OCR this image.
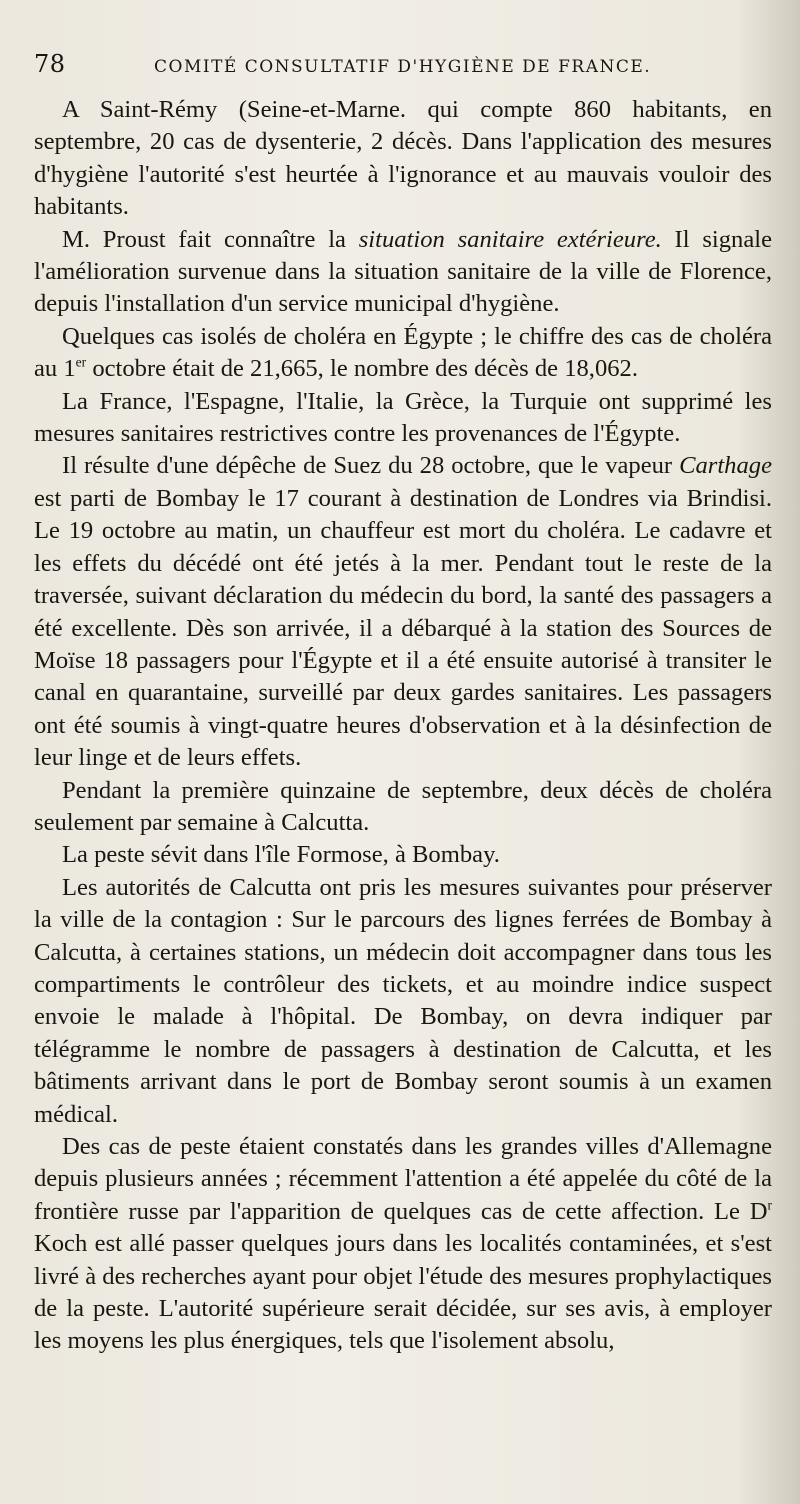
78	COMITÉ CONSULTATIF D'HYGIÈNE DE FRANCE.

A Saint-Rémy (Seine-et-Marne. qui compte 860 habitants, en septembre, 20 cas de dysenterie, 2 décès. Dans l'application des mesures d'hygiène l'autorité s'est heurtée à l'ignorance et au mauvais vouloir des habitants.

M. Proust fait connaître la situation sanitaire extérieure. Il signale l'amélioration survenue dans la situation sanitaire de la ville de Florence, depuis l'installation d'un service municipal d'hygiène.

Quelques cas isolés de choléra en Égypte ; le chiffre des cas de choléra au 1er octobre était de 21,665, le nombre des décès de 18,062.

La France, l'Espagne, l'Italie, la Grèce, la Turquie ont supprimé les mesures sanitaires restrictives contre les provenances de l'Égypte.

Il résulte d'une dépêche de Suez du 28 octobre, que le vapeur Carthage est parti de Bombay le 17 courant à destination de Londres via Brindisi. Le 19 octobre au matin, un chauffeur est mort du choléra. Le cadavre et les effets du décédé ont été jetés à la mer. Pendant tout le reste de la traversée, suivant déclaration du médecin du bord, la santé des passagers a été excellente. Dès son arrivée, il a débarqué à la station des Sources de Moïse 18 passagers pour l'Égypte et il a été ensuite autorisé à transiter le canal en quarantaine, surveillé par deux gardes sanitaires. Les passagers ont été soumis à vingt-quatre heures d'observation et à la désinfection de leur linge et de leurs effets.

Pendant la première quinzaine de septembre, deux décès de choléra seulement par semaine à Calcutta.

La peste sévit dans l'île Formose, à Bombay.

Les autorités de Calcutta ont pris les mesures suivantes pour préserver la ville de la contagion : Sur le parcours des lignes ferrées de Bombay à Calcutta, à certaines stations, un médecin doit accompagner dans tous les compartiments le contrôleur des tickets, et au moindre indice suspect envoie le malade à l'hôpital. De Bombay, on devra indiquer par télégramme le nombre de passagers à destination de Calcutta, et les bâtiments arrivant dans le port de Bombay seront soumis à un examen médical.

Des cas de peste étaient constatés dans les grandes villes d'Allemagne depuis plusieurs années ; récemment l'attention a été appelée du côté de la frontière russe par l'apparition de quelques cas de cette affection. Le $D^r$ Koch est allé passer quelques jours dans les localités contaminées, et s'est livré à des recherches ayant pour objet l'étude des mesures prophylactiques de la peste. L'autorité supérieure serait décidée, sur ses avis, à employer les moyens les plus énergiques, tels que l'isolement absolu,
